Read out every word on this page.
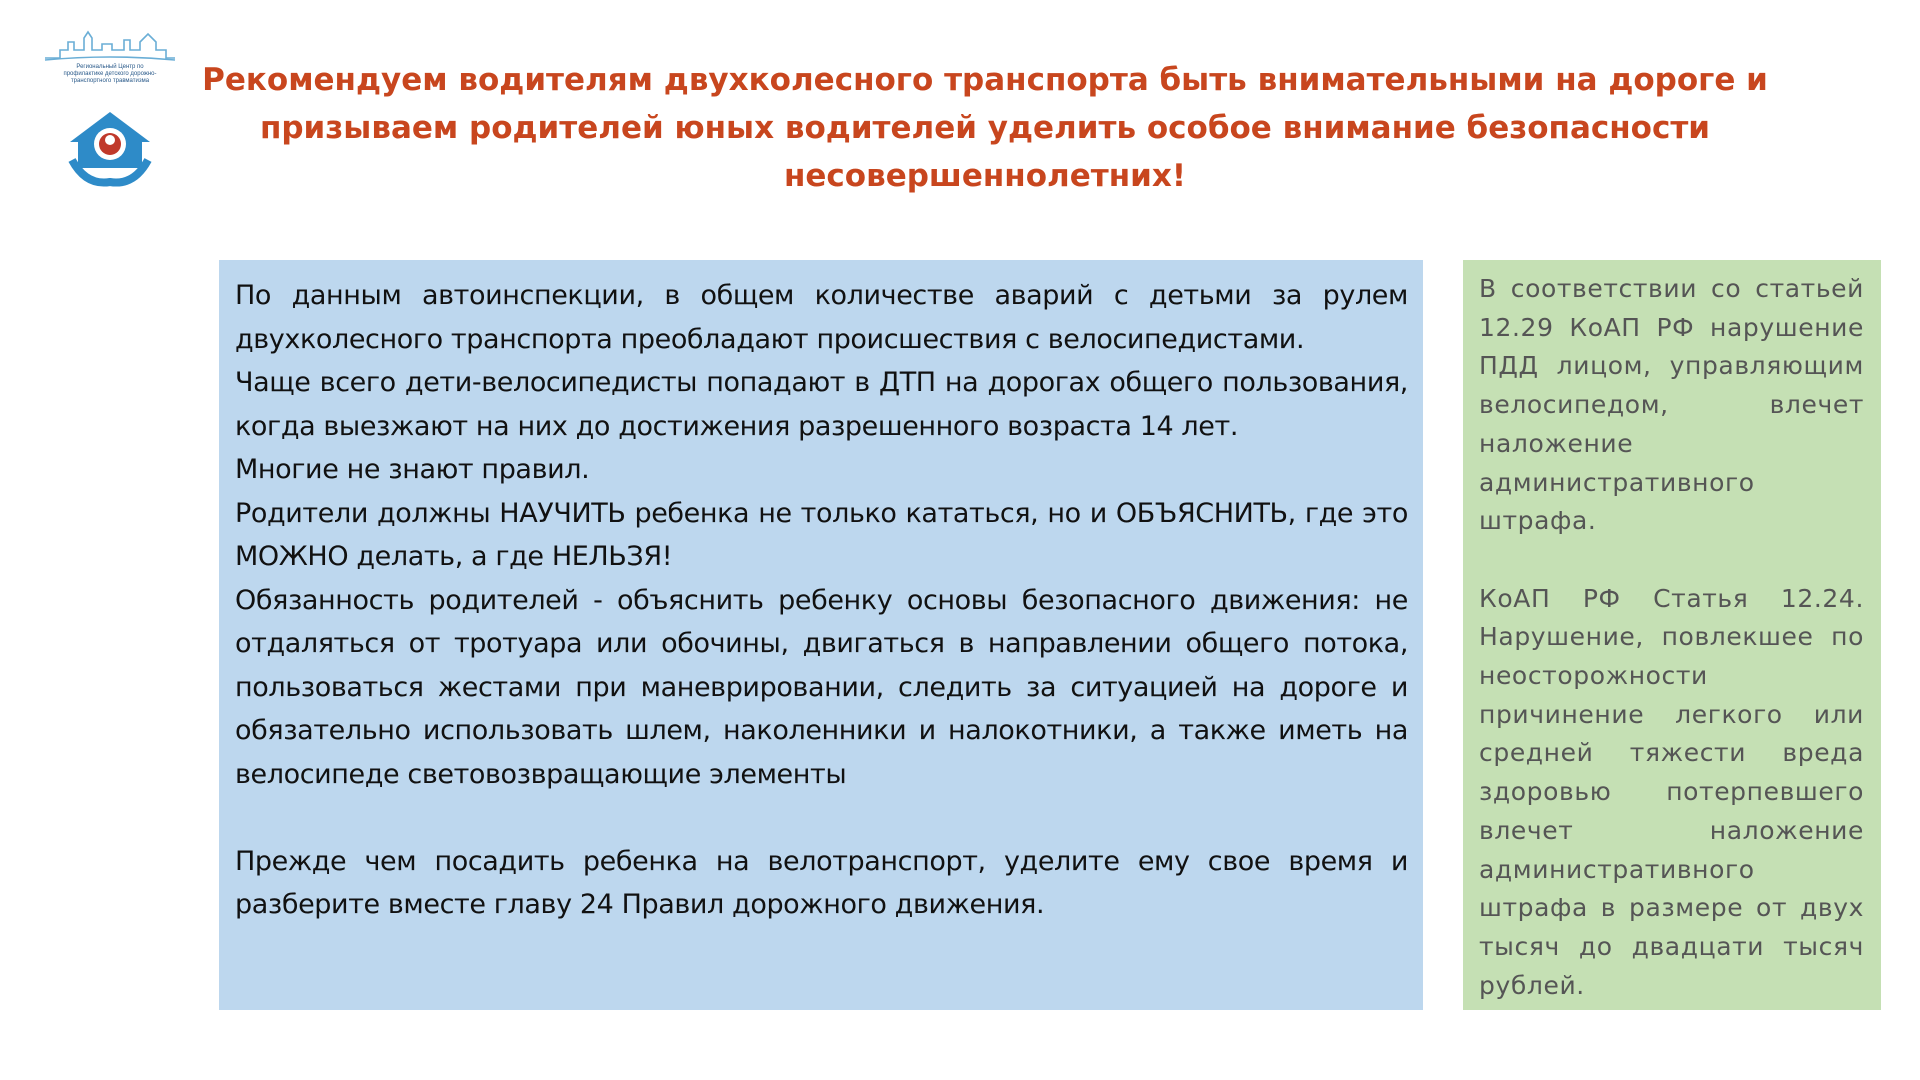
Региональный Центр по профилактике детского дорожно-транспортного травматизма	Рекомендуем водителям двухколесного транспорта быть внимательными на дороге и призываем родителей юных водителей уделить особое внимание безопасности несовершеннолетних!

По данным автоинспекции, в общем количестве аварий с детьми за рулем двухколесного транспорта преобладают происшествия с велосипедистами.

Чаще всего дети-велосипедисты попадают в ДТП на дорогах общего пользования, когда выезжают на них до достижения разрешенного возраста 14 лет.

Многие не знают правил.

Родители должны НАУЧИТЬ ребенка не только кататься, но и ОБЪЯСНИТЬ, где это МОЖНО делать, а где НЕЛЬЗЯ!

Обязанность родителей - объяснить ребенку основы безопасного движения: не отдаляться от тротуара или обочины, двигаться в направлении общего потока, пользоваться жестами при маневрировании, следить за ситуацией на дороге и обязательно использовать шлем, наколенники и налокотники, а также иметь на велосипеде световозвращающие элементы

Прежде чем посадить ребенка на велотранспорт, уделите ему свое время и разберите вместе главу 24 Правил дорожного движения.

В соответствии со статьей 12.29 КоАП РФ нарушение ПДД лицом, управляющим велосипедом, влечет наложение административного штрафа.

КоАП РФ Статья 12.24. Нарушение, повлекшее по неосторожности причинение легкого или средней тяжести вреда здоровью потерпевшего влечет наложение административного штрафа в размере от двух тысяч до двадцати тысяч рублей.
